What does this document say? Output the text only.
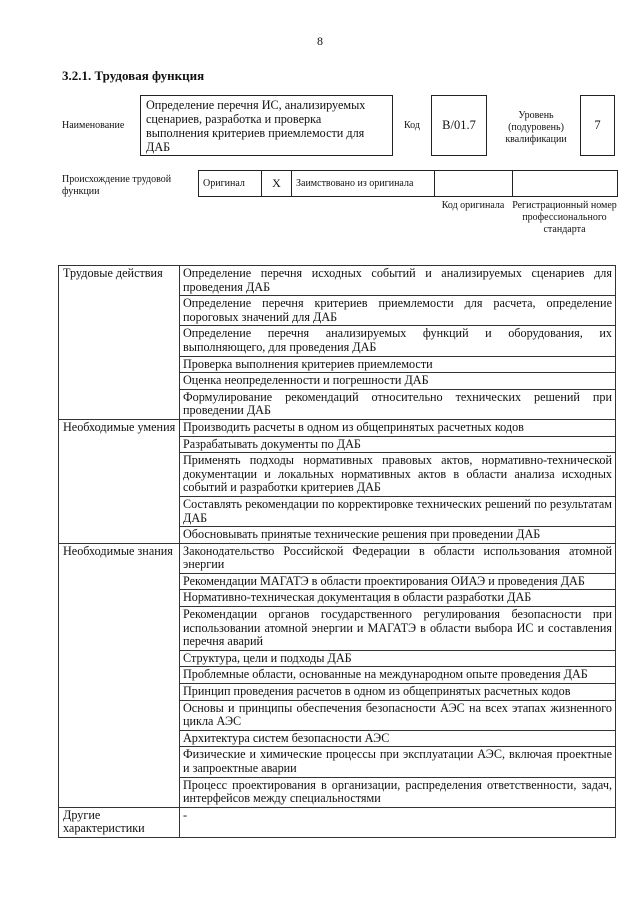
8
3.2.1. Трудовая функция
Наименование
Определение перечня ИС, анализируемых сценариев, разработка и проверка выполнения критериев приемлемости для ДАБ
Код В/01.7
Уровень (подуровень) квалификации
7
Происхождение трудовой функции
Оригинал	X	Заимствовано из оригинала		
Код оригинала Регистрационный номер профессионального стандарта
Трудовые действия	Определение перечня исходных событий и анализируемых сценариев для проведения ДАБ
	Определение перечня критериев приемлемости для расчета, определение пороговых значений для ДАБ
	Определение перечня анализируемых функций и оборудования, их выполняющего, для проведения ДАБ
	Проверка выполнения критериев приемлемости
	Оценка неопределенности и погрешности ДАБ
	Формулирование рекомендаций относительно технических решений при проведении ДАБ
Необходимые умения	Производить расчеты в одном из общепринятых расчетных кодов
	Разрабатывать документы по ДАБ
	Применять подходы нормативных правовых актов, нормативно-технической документации и локальных нормативных актов в области анализа исходных событий и разработки критериев ДАБ
	Составлять рекомендации по корректировке технических решений по результатам ДАБ
	Обосновывать принятые технические решения при проведении ДАБ
Необходимые знания	Законодательство Российской Федерации в области использования атомной энергии
	Рекомендации МАГАТЭ в области проектирования ОИАЭ и проведения ДАБ
	Нормативно-техническая документация в области разработки ДАБ
	Рекомендации органов государственного регулирования безопасности при использовании атомной энергии и МАГАТЭ в области выбора ИС и составления перечня аварий
	Структура, цели и подходы ДАБ
	Проблемные области, основанные на международном опыте проведения ДАБ
	Принцип проведения расчетов в одном из общепринятых расчетных кодов
	Основы и принципы обеспечения безопасности АЭС на всех этапах жизненного цикла АЭС
	Архитектура систем безопасности АЭС
	Физические и химические процессы при эксплуатации АЭС, включая проектные и запроектные аварии
	Процесс проектирования в организации, распределения ответственности, задач, интерфейсов между специальностями
Другие характеристики	-
